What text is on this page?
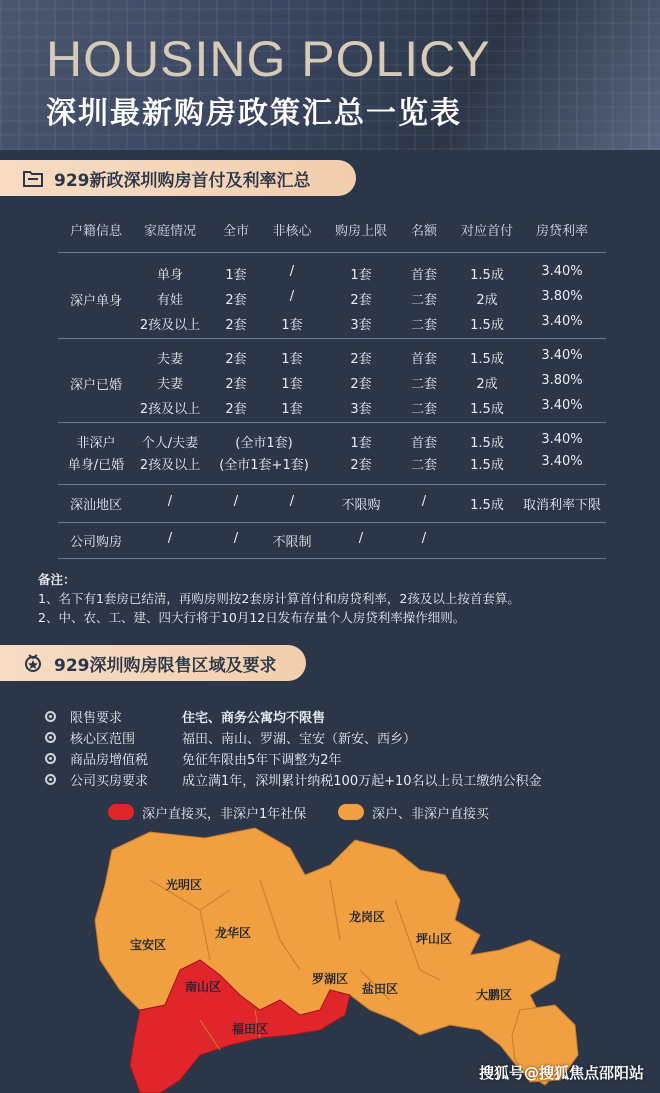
HOUSING POLICY
深圳最新购房政策汇总一览表
929新政深圳购房首付及利率汇总
户籍信息 家庭情况 全市 非核心 购房上限 名额 对应首付 房贷利率
深户单身
单身	1套	/	1套	首套	1.5成	3.40%
有娃	2套	/	2套	二套	2成	3.80%
2孩及以上 2套	1套	3套	二套	1.5成	3.40%
深户已婚
夫妻	2套	1套	2套	首套	1.5成	3.40%
夫妻	2套	1套	2套	二套	2成	3.80%
2孩及以上 2套	1套	3套	二套	1.5成	3.40%
非深户
单身/已婚
个人/夫妻	(全市1套)	1套	首套	1.5成	3.40%
2孩及以上 (全市1套+1套)	2套	二套	1.5成	3.40%
深汕地区	/	/	/	不限购	/	1.5成 取消利率下限
公司购房	/	/	不限制	/	/
备注：
1、名下有1套房已结清，再购房则按2套房计算首付和房贷利率，2孩及以上按首套算。
2、中、农、工、建、四大行将于10月12日发布存量个人房贷利率操作细则。
929深圳购房限售区域及要求
限售要求	住宅、商务公寓均不限售
核心区范围	福田、南山、罗湖、宝安（新安、西乡）
商品房增值税	免征年限由5年下调整为2年
公司买房要求	成立满1年，深圳累计纳税100万起+10名以上员工缴纳公积金
深户直接买，非深户1年社保	深户、非深户直接买
光明区
宝安区
龙华区
龙岗区
坪山区
南山区
罗湖区
盐田区
福田区
大鹏区
搜狐号@搜狐焦点邵阳站
